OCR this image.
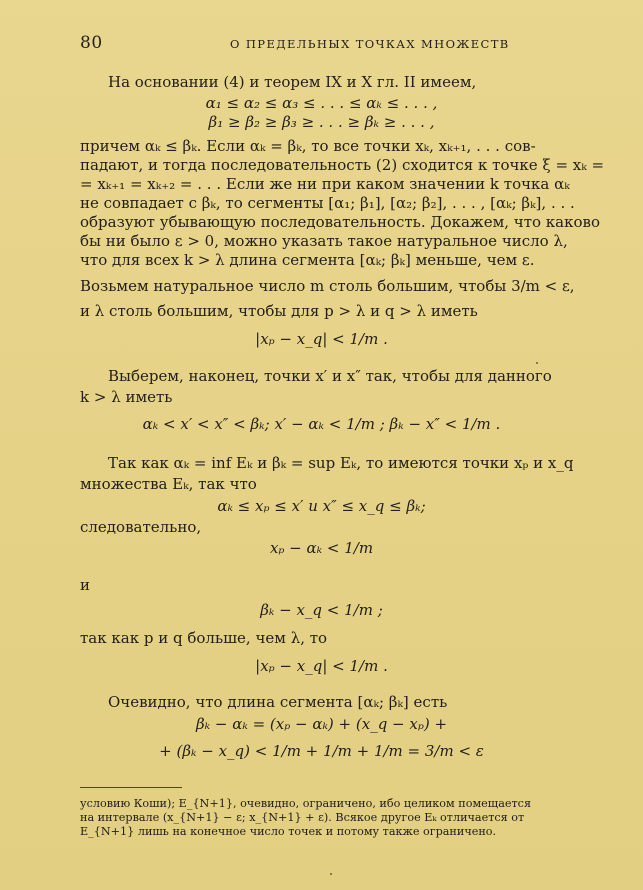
80	О ПРЕДЕЛЬНЫХ ТОЧКАХ МНОЖЕСТВ
На основании (4) и теорем IX и X гл. II имеем,
α₁ ≤ α₂ ≤ α₃ ≤ . . . ≤ αₖ ≤ . . . ,
β₁ ≥ β₂ ≥ β₃ ≥ . . . ≥ βₖ ≥ . . . ,
причем αₖ ≤ βₖ. Если αₖ = βₖ, то все точки xₖ, xₖ₊₁, . . . сов-
падают, и тогда последовательность (2) сходится к точке ξ = xₖ =
= xₖ₊₁ = xₖ₊₂ = . . . Если же ни при каком значении k точка αₖ
не совпадает с βₖ, то сегменты [α₁; β₁], [α₂; β₂], . . . , [αₖ; βₖ], . . .
образуют убывающую последовательность. Докажем, что каково
бы ни было ε > 0, можно указать такое натуральное число λ,
что для всех k > λ длина сегмента [αₖ; βₖ] меньше, чем ε.
Возьмем натуральное число m столь большим, чтобы 3/m < ε,
и λ столь большим, чтобы для p > λ и q > λ иметь
|xₚ − x_q| < 1/m .
Выберем, наконец, точки x′ и x″ так, чтобы для данного
k > λ иметь
αₖ < x′ < x″ < βₖ; x′ − αₖ < 1/m ; βₖ − x″ < 1/m .
Так как αₖ = inf Eₖ и βₖ = sup Eₖ, то имеются точки xₚ и x_q
множества Eₖ, так что
αₖ ≤ xₚ ≤ x′ и x″ ≤ x_q ≤ βₖ;
следовательно,
xₚ − αₖ < 1/m
и
βₖ − x_q < 1/m ;
так как p и q больше, чем λ, то
|xₚ − x_q| < 1/m .
Очевидно, что длина сегмента [αₖ; βₖ] есть
βₖ − αₖ = (xₚ − αₖ) + (x_q − xₚ) +
+ (βₖ − x_q) < 1/m + 1/m + 1/m = 3/m < ε
условию Коши); E_{N+1}, очевидно, ограничено, ибо целиком помещается
на интервале (x_{N+1} − ε; x_{N+1} + ε). Всякое другое Eₖ отличается от
E_{N+1} лишь на конечное число точек и потому также ограничено.
